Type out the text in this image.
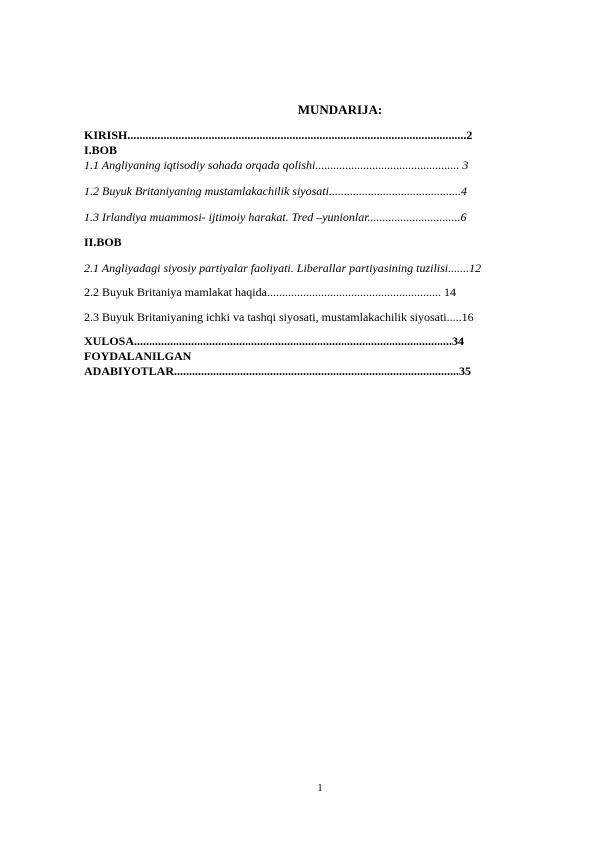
MUNDARIJA:
KIRISH.................................................................................................................2
I.BOB
1.1 Angliyaning iqtisodiy sohada orqada qolishi................................................ 3
1.2 Buyuk Britaniyaning mustamlakachilik siyosati............................................4
1.3 Irlandiya muammosi- ijtimoiy harakat. Tred –yunionlar...............................6
II.BOB
2.1 Angliyadagi siyosiy partiyalar faoliyati. Liberallar partiyasining tuzilisi.......12
2.2 Buyuk Britaniya mamlakat haqida.......................................................... 14
2.3 Buyuk Britaniyaning ichki va tashqi siyosati, mustamlakachilik siyosati.....16
XULOSA..........................................................................................................34
FOYDALANILGAN
ADABIYOTLAR...............................................................................................35
1
